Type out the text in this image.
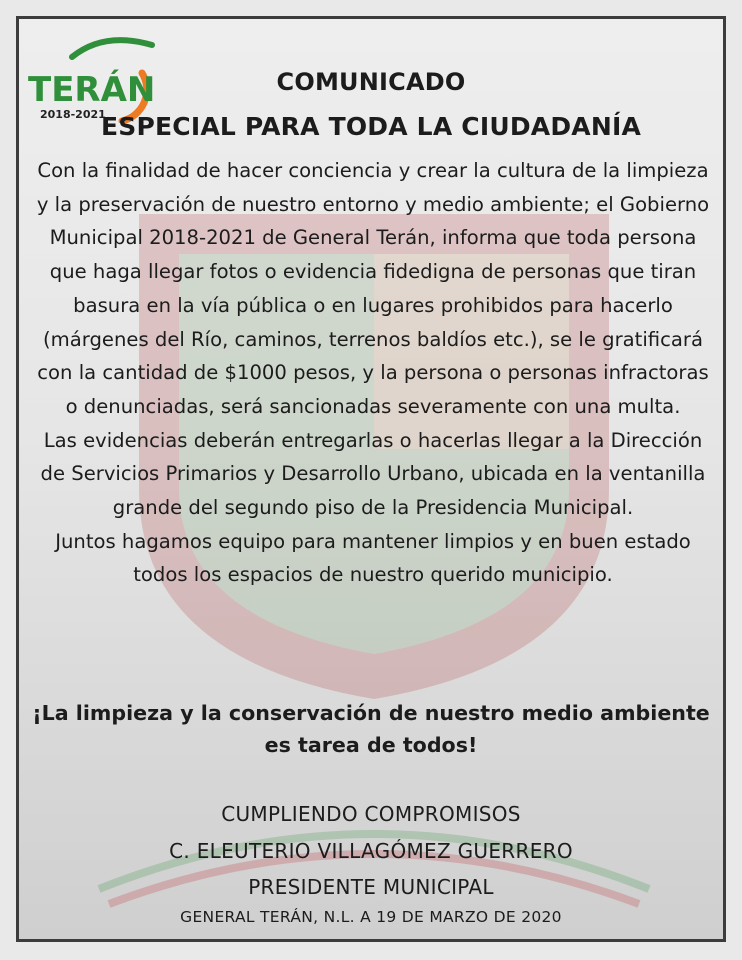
TERÁN
2018-2021
COMUNICADO
ESPECIAL PARA TODA LA CIUDADANÍA

Con la finalidad de hacer conciencia y crear la cultura de la limpieza y la preservación de nuestro entorno y medio ambiente; el Gobierno Municipal 2018-2021 de General Terán, informa que toda persona que haga llegar fotos o evidencia fidedigna de personas que tiran basura en la vía pública o en lugares prohibidos para hacerlo (márgenes del Río, caminos, terrenos baldíos etc.), se le gratificará con la cantidad de $1000 pesos, y la persona o personas infractoras o denunciadas, será sancionadas severamente con una multa.

Las evidencias deberán entregarlas o hacerlas llegar a la Dirección de Servicios Primarios y Desarrollo Urbano, ubicada en la ventanilla grande del segundo piso de la Presidencia Municipal.

Juntos hagamos equipo para mantener limpios y en buen estado todos los espacios de nuestro querido municipio.

¡La limpieza y la conservación de nuestro medio ambiente

es tarea de todos!

CUMPLIENDO COMPROMISOS
C. ELEUTERIO VILLAGÓMEZ GUERRERO
PRESIDENTE MUNICIPAL
GENERAL TERÁN, N.L. A 19 DE MARZO DE 2020
